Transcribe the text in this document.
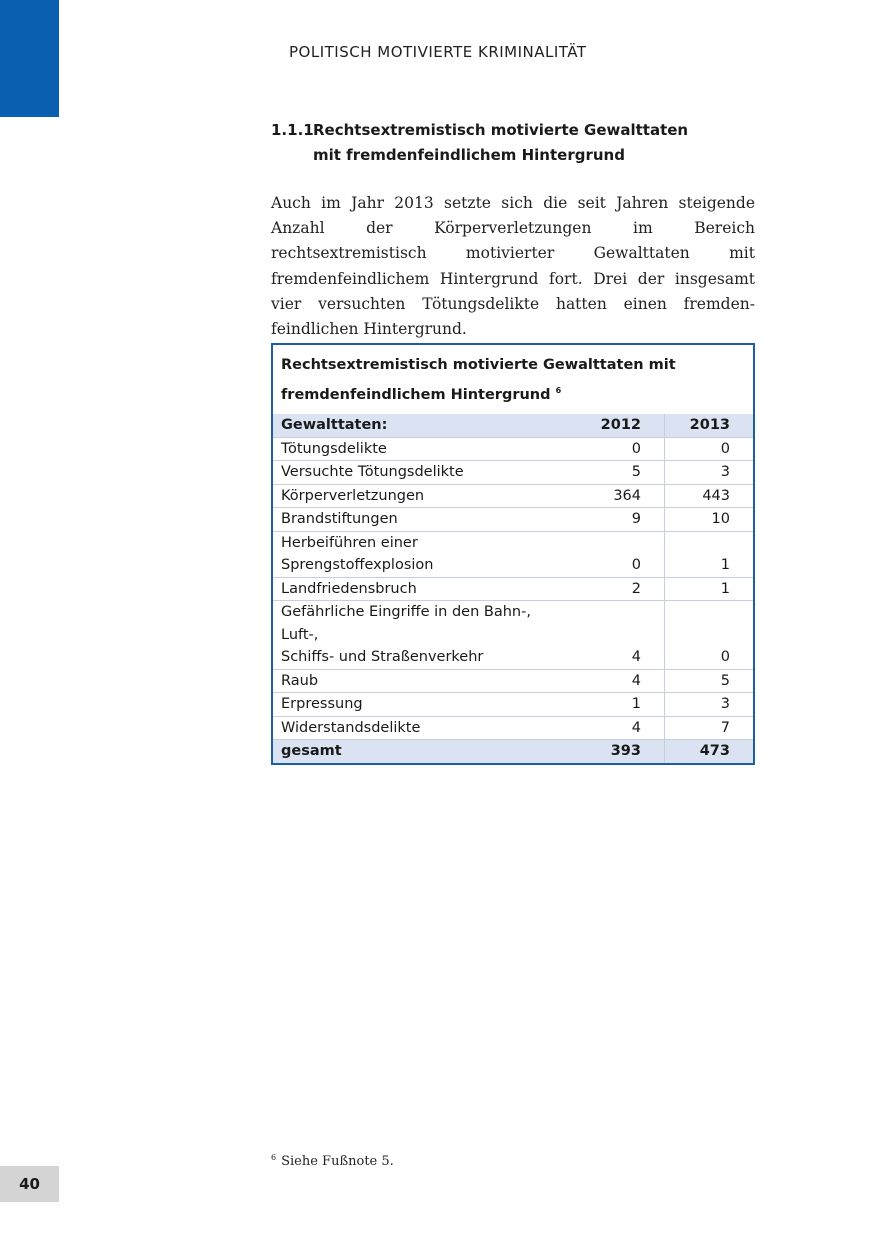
POLITISCH MOTIVIERTE KRIMINALITÄT
1.1.1 Rechtsextremistisch motivierte Gewalttaten mit fremdenfeindlichem Hintergrund
Auch im Jahr 2013 setzte sich die seit Jahren steigende Anzahl der Körperverletzungen im Bereich rechtsextremistisch motivierter Gewalttaten mit fremdenfeindlichem Hintergrund fort. Drei der insgesamt vier versuchten Tötungsdelikte hatten einen fremden-feindlichen Hintergrund.
Rechtsextremistisch motivierte Gewalttaten mit
fremdenfeindlichem Hintergrund $^6$
Gewalttaten:	2012	2013
Tötungsdelikte	0	0
Versuchte Tötungsdelikte	5	3
Körperverletzungen	364	443
Brandstiftungen	9	10
Herbeiführen einer Sprengstoffexplosion	0	1
Landfriedensbruch	2	1
Gefährliche Eingriffe in den Bahn-, Luft-,
Schiffs- und Straßenverkehr	4	0
Raub	4	5
Erpressung	1	3
Widerstandsdelikte	4	7
gesamt	393	473
$^6$ Siehe Fußnote 5.
40
